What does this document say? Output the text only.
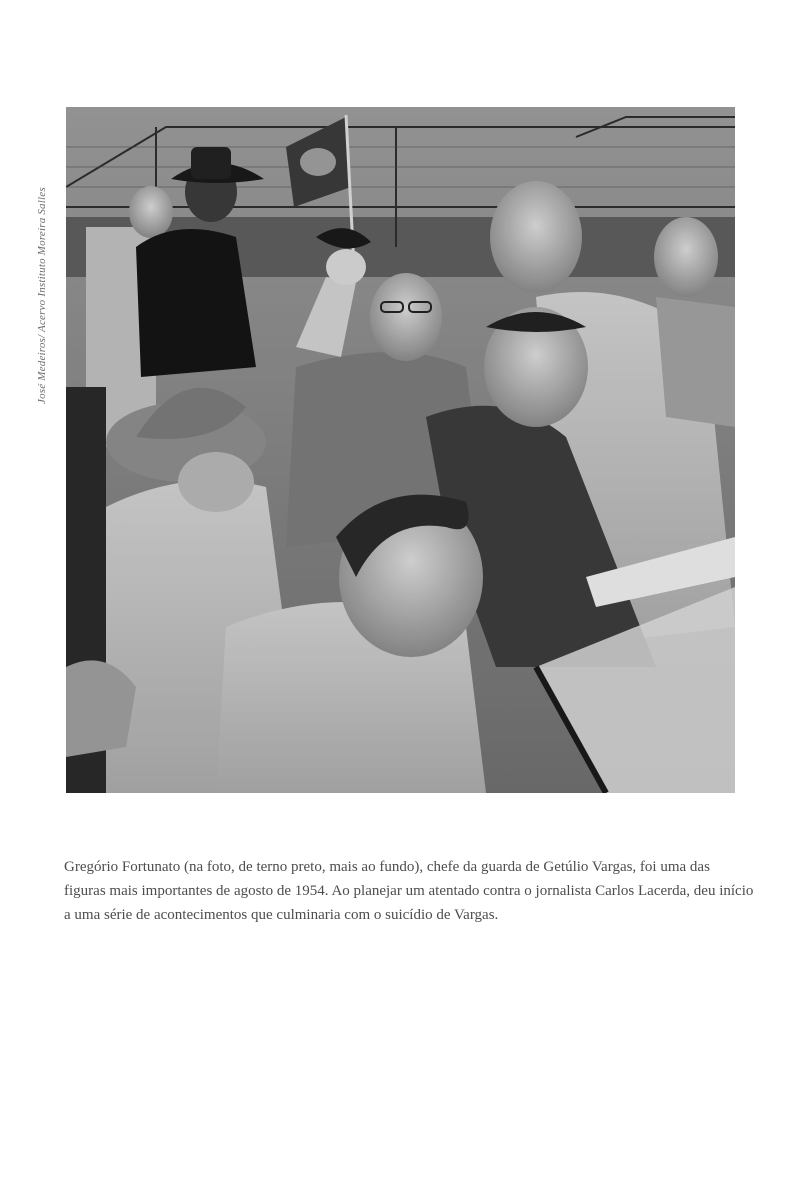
José Medeiros/ Acervo Instituto Moreira Salles

Gregório Fortunato (na foto, de terno preto, mais ao fundo), chefe da guarda de Getúlio Vargas, foi uma das figuras mais importantes de agosto de 1954. Ao planejar um atentado contra o jornalista Carlos Lacerda, deu início a uma série de acontecimentos que culminaria com o suicídio de Vargas.
